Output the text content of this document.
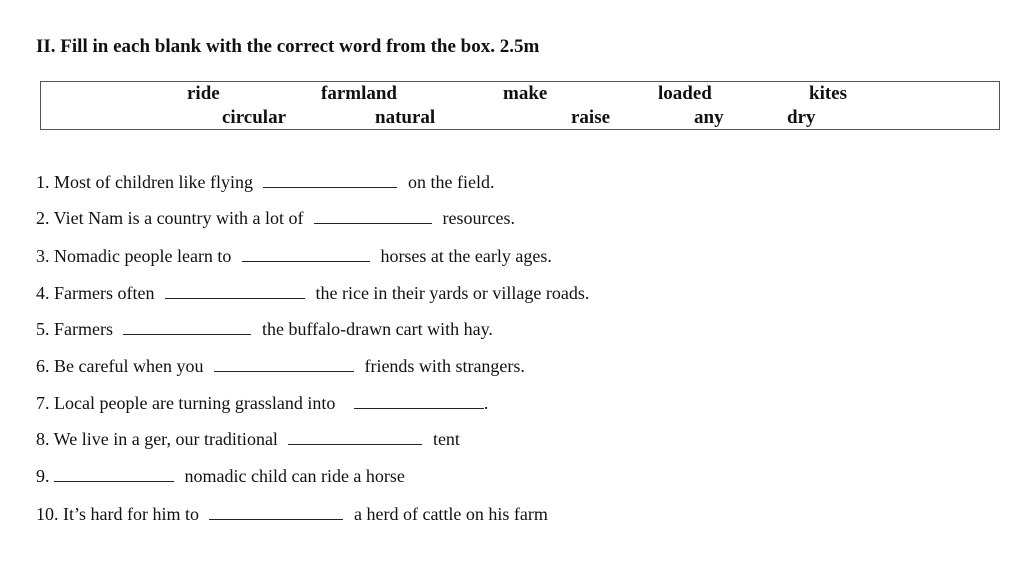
II. Fill in each blank with the correct word from the box. 2.5m
ride	farmland	make	loaded	kites
circular	natural	raise	any	dry
1. Most of children like flying	on the field.
2. Viet Nam is a country with a lot of	resources.
3. Nomadic people learn to	horses at the early ages.
4. Farmers often	the rice in their yards or village roads.
5. Farmers	the buffalo-drawn cart with hay.
6. Be careful when you	friends with strangers.
7. Local people are turning grassland into	.
8. We live in a ger, our traditional	tent
9.	nomadic child can ride a horse
10. It’s hard for him to	a herd of cattle on his farm
